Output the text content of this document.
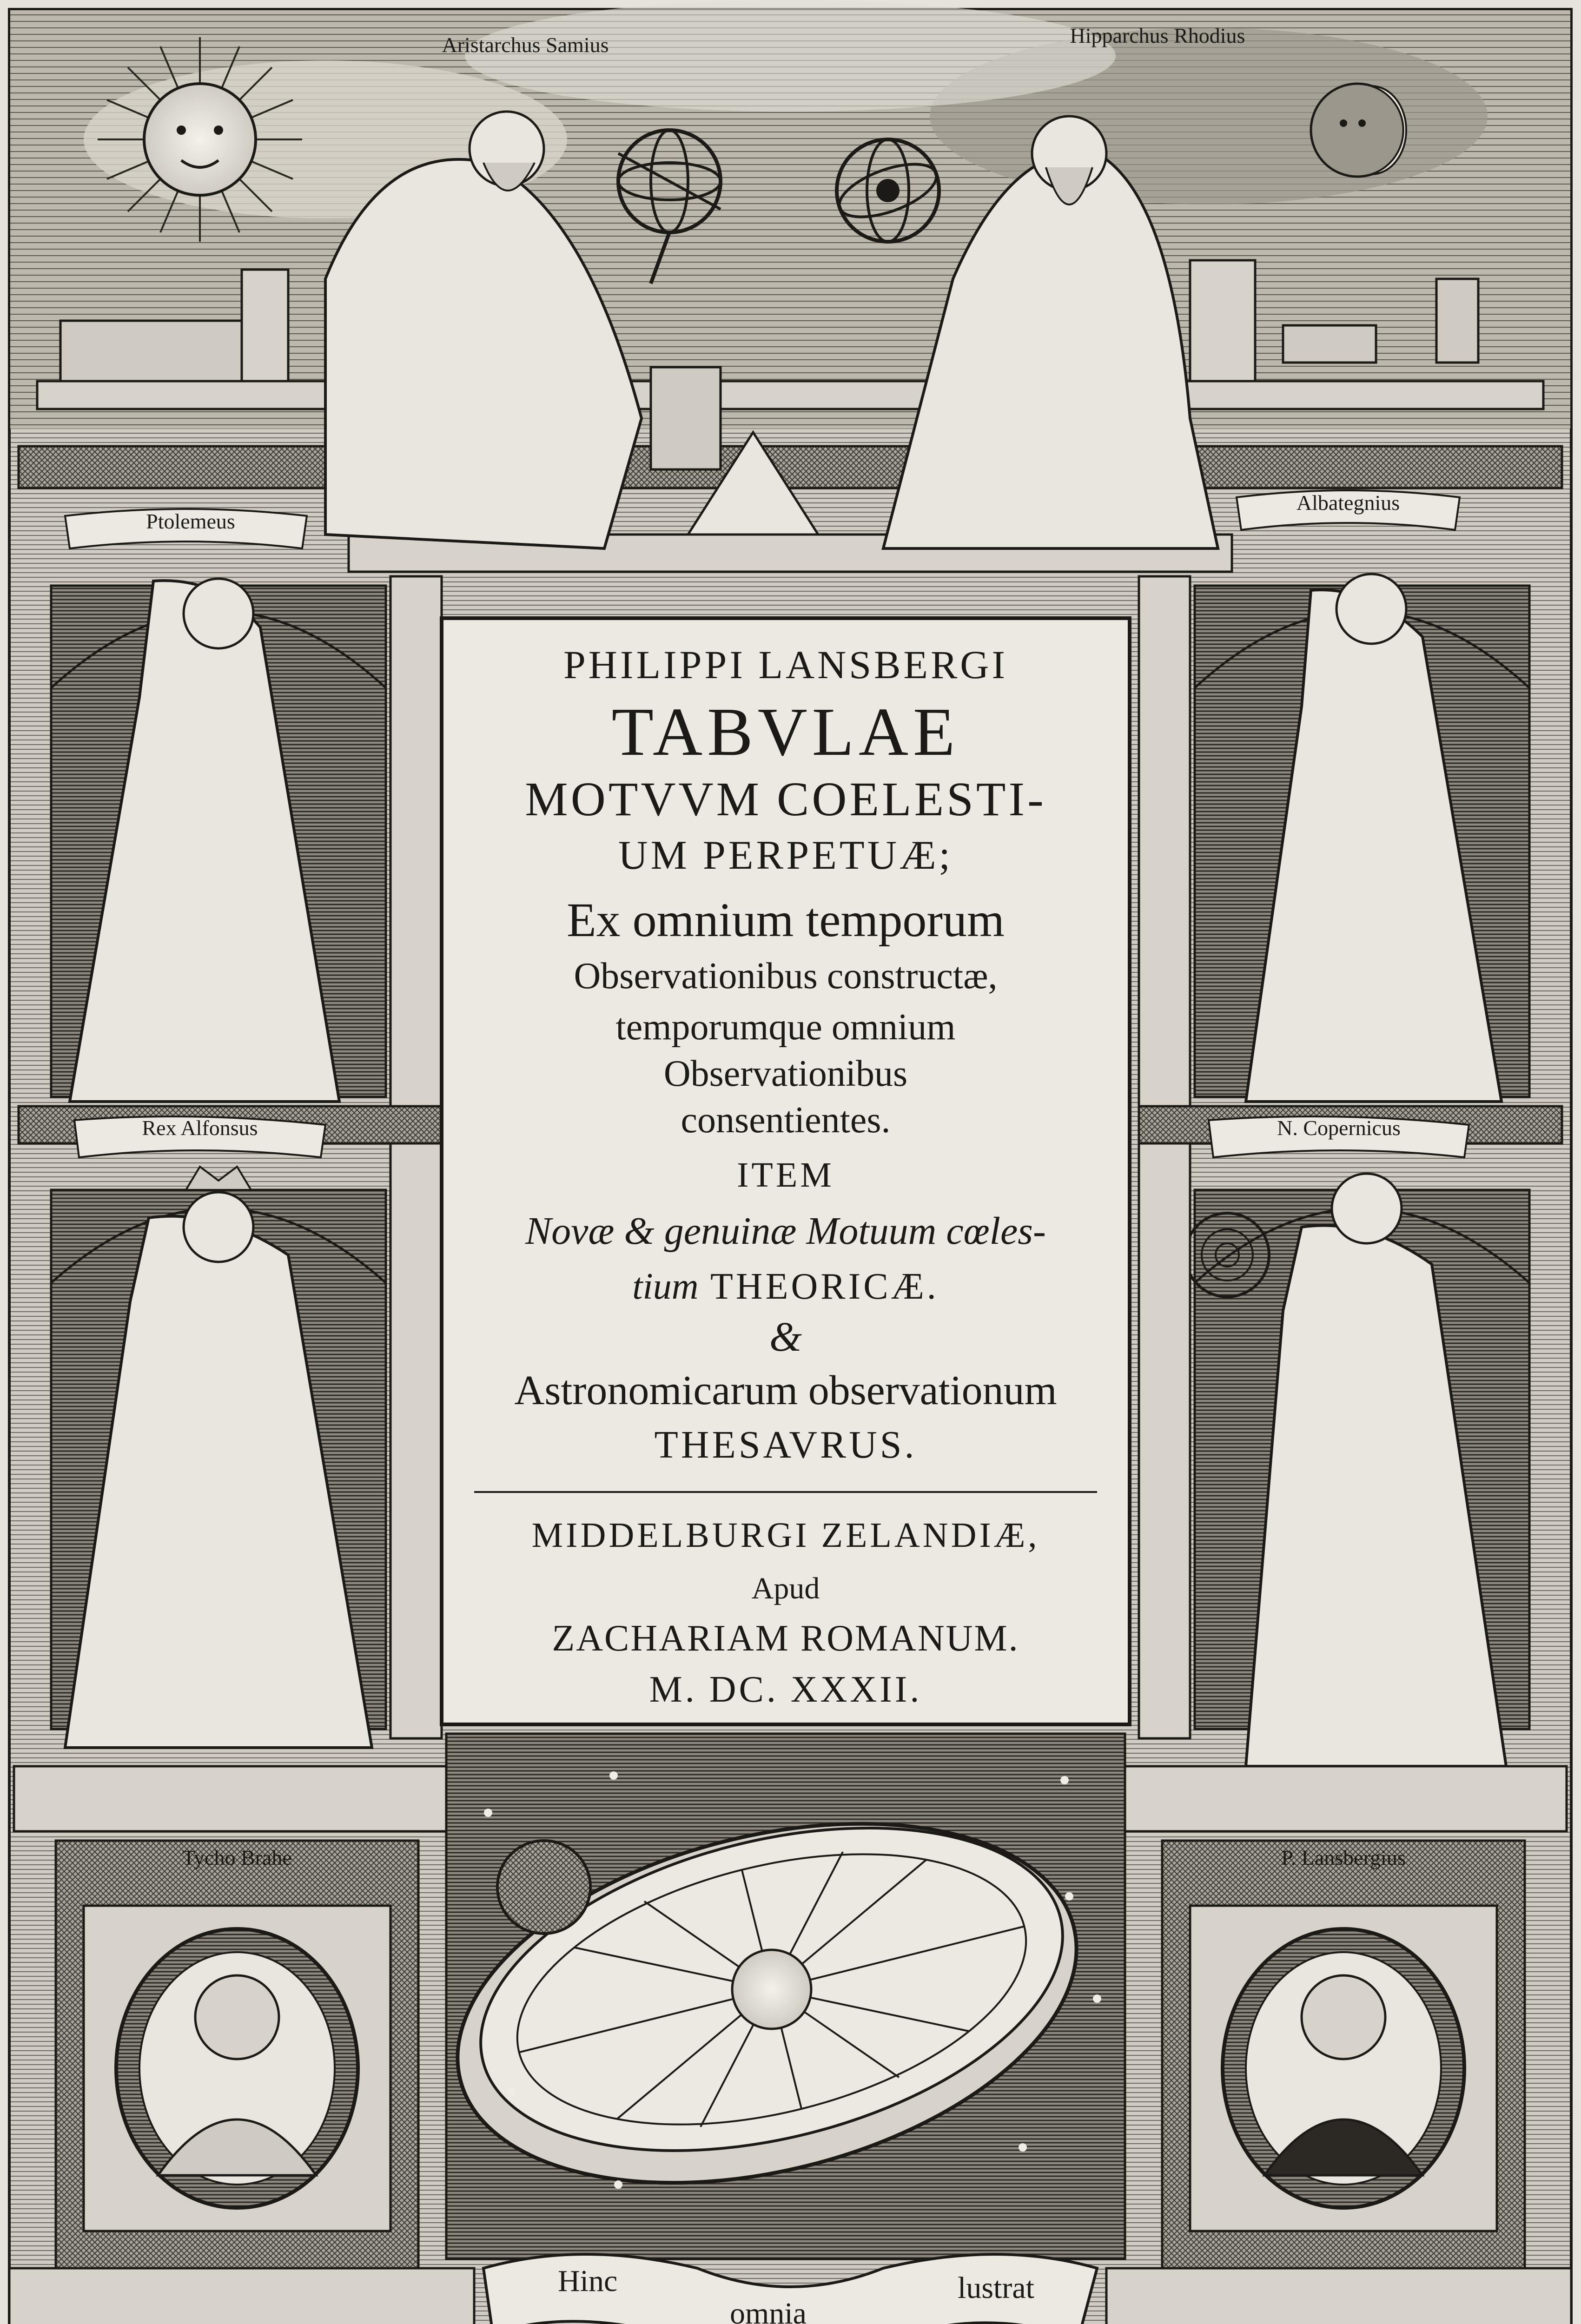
Aristarchus Samius	Hipparchus Rhodius
Ptolemeus
Albategnius
Rex Alfonsus	N. Copernicus
Tycho Brahe	P. Lansbergius
PHILIPPI LANSBERGI
TABVLAE
MOTVVM COELESTI-
UM PERPETUÆ;
Ex omnium temporum
Observationibus constructæ,
temporumque omnium
Observationibus
consentientes.
ITEM
Novæ & genuinæ Motuum cœles-
tium THEORICÆ.
&
Astronomicarum observationum
THESAVRUS.
MIDDELBURGI ZELANDIÆ,
Apud
ZACHARIAM ROMANUM.
M. DC. XXXII.
Hinc
omnia
lustrat
